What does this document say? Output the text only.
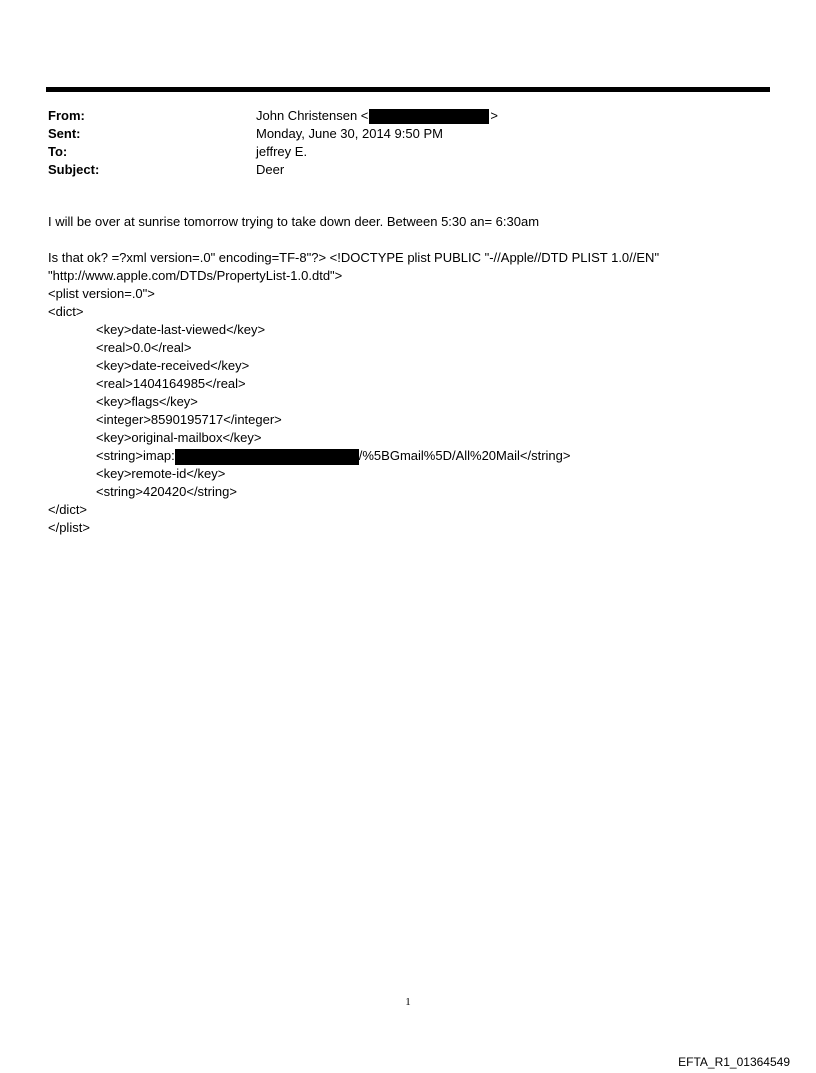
From:	John Christensen <	>
Sent:	Monday, June 30, 2014 9:50 PM
To:	jeffrey E.
Subject:	Deer
I will be over at sunrise tomorrow trying to take down deer. Between 5:30 an= 6:30am
Is that ok? =?xml version=.0" encoding=TF-8"?> <!DOCTYPE plist PUBLIC "-//Apple//DTD PLIST 1.0//EN"
"http://www.apple.com/DTDs/PropertyList-1.0.dtd">
<plist version=.0">
<dict>
<key>date-last-viewed</key>
<real>0.0</real>
<key>date-received</key>
<real>1404164985</real>
<key>flags</key>
<integer>8590195717</integer>
<key>original-mailbox</key>
<string>imap:	/%5BGmail%5D/All%20Mail</string>
<key>remote-id</key>
<string>420420</string>
</dict>
</plist>
1
EFTA_R1_01364549
